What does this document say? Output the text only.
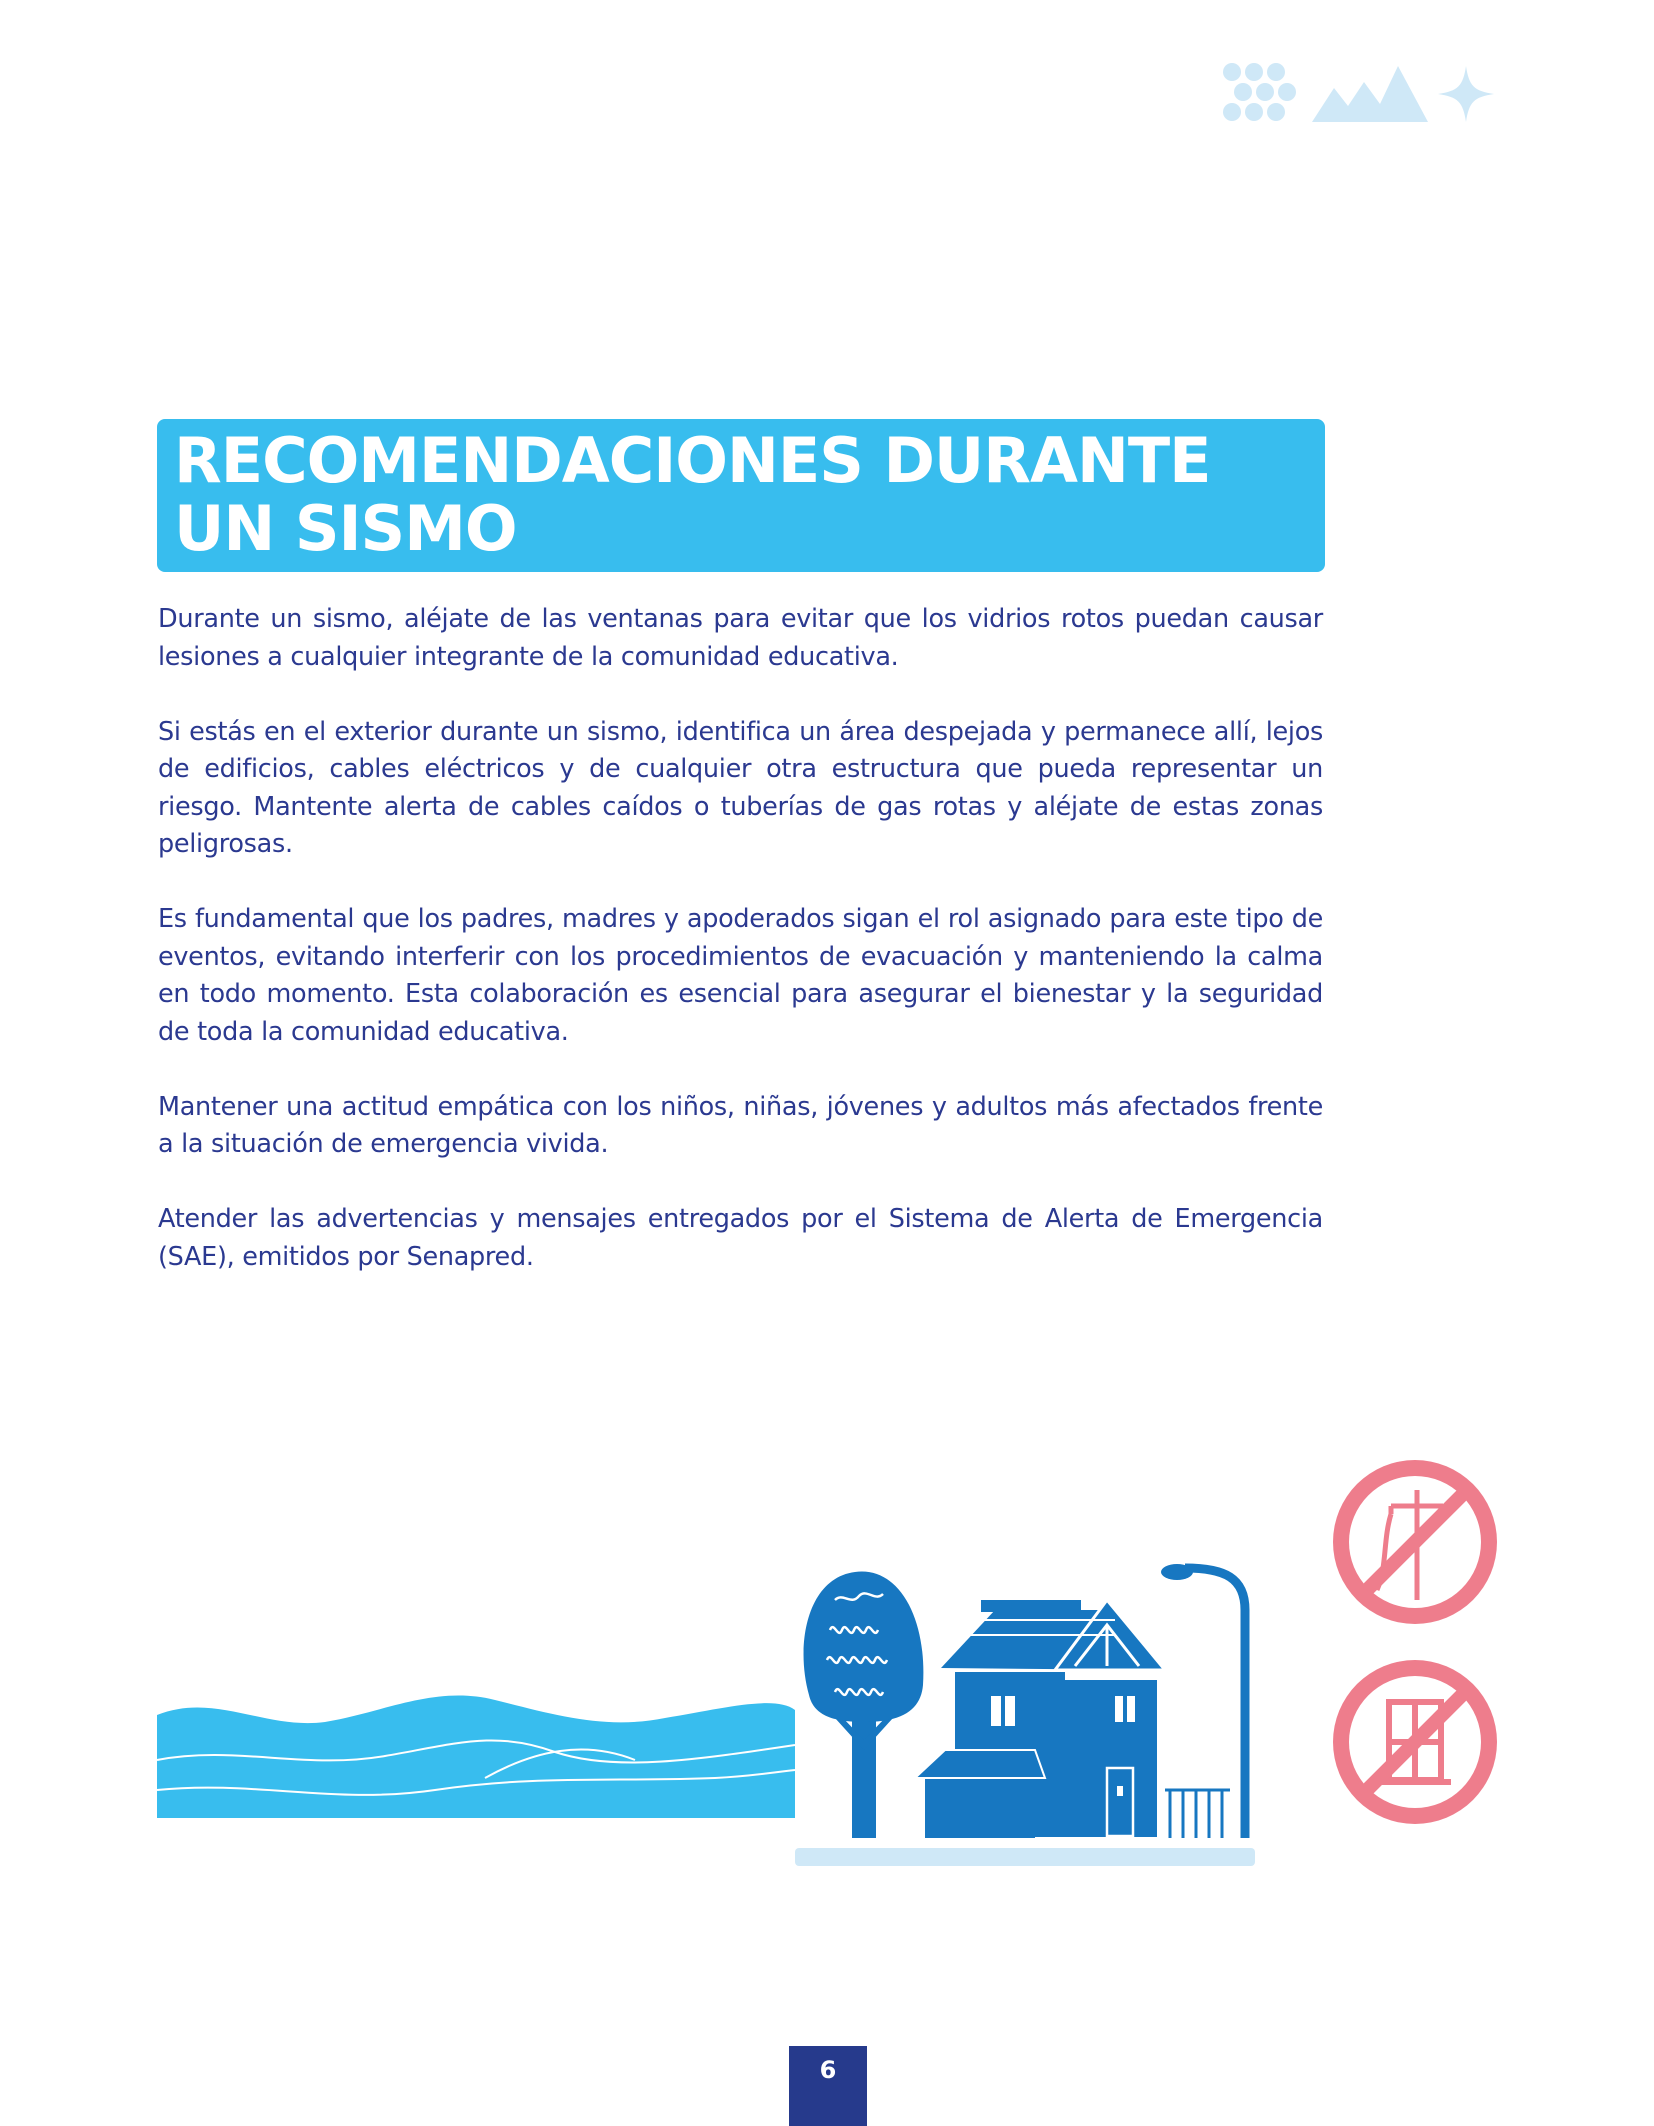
RECOMENDACIONES DURANTE
UN SISMO

Durante un sismo, aléjate de las ventanas para evitar que los vidrios rotos puedan causar lesiones a cualquier integrante de la comunidad educativa.

Si estás en el exterior durante un sismo, identifica un área despejada y permanece allí, lejos de edificios, cables eléctricos y de cualquier otra estructura que pueda representar un riesgo. Mantente alerta de cables caídos o tuberías de gas rotas y aléjate de estas zonas peligrosas.

Es fundamental que los padres, madres y apoderados sigan el rol asignado para este tipo de eventos, evitando interferir con los procedimientos de evacuación y manteniendo la calma en todo momento. Esta colaboración es esencial para asegurar el bienestar y la seguridad de toda la comunidad educativa.

Mantener una actitud empática con los niños, niñas, jóvenes y adultos más afectados frente a la situación de emergencia vivida.

Atender las advertencias y mensajes entregados por el Sistema de Alerta de Emergencia (SAE), emitidos por Senapred.

6
